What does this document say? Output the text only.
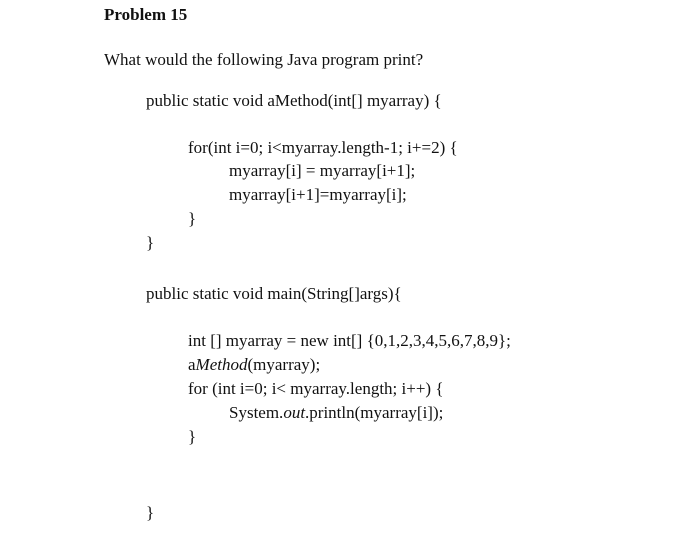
Problem 15
What would the following Java program print?
public static void aMethod(int[] myarray) {
for(int i=0; i<myarray.length-1; i+=2) {
myarray[i] = myarray[i+1];
myarray[i+1]=myarray[i];
}
}
public static void main(String[]args){
int [] myarray = new int[] {0,1,2,3,4,5,6,7,8,9};
aMethod(myarray);
for (int i=0; i< myarray.length; i++) {
System.out.println(myarray[i]);
}
}
